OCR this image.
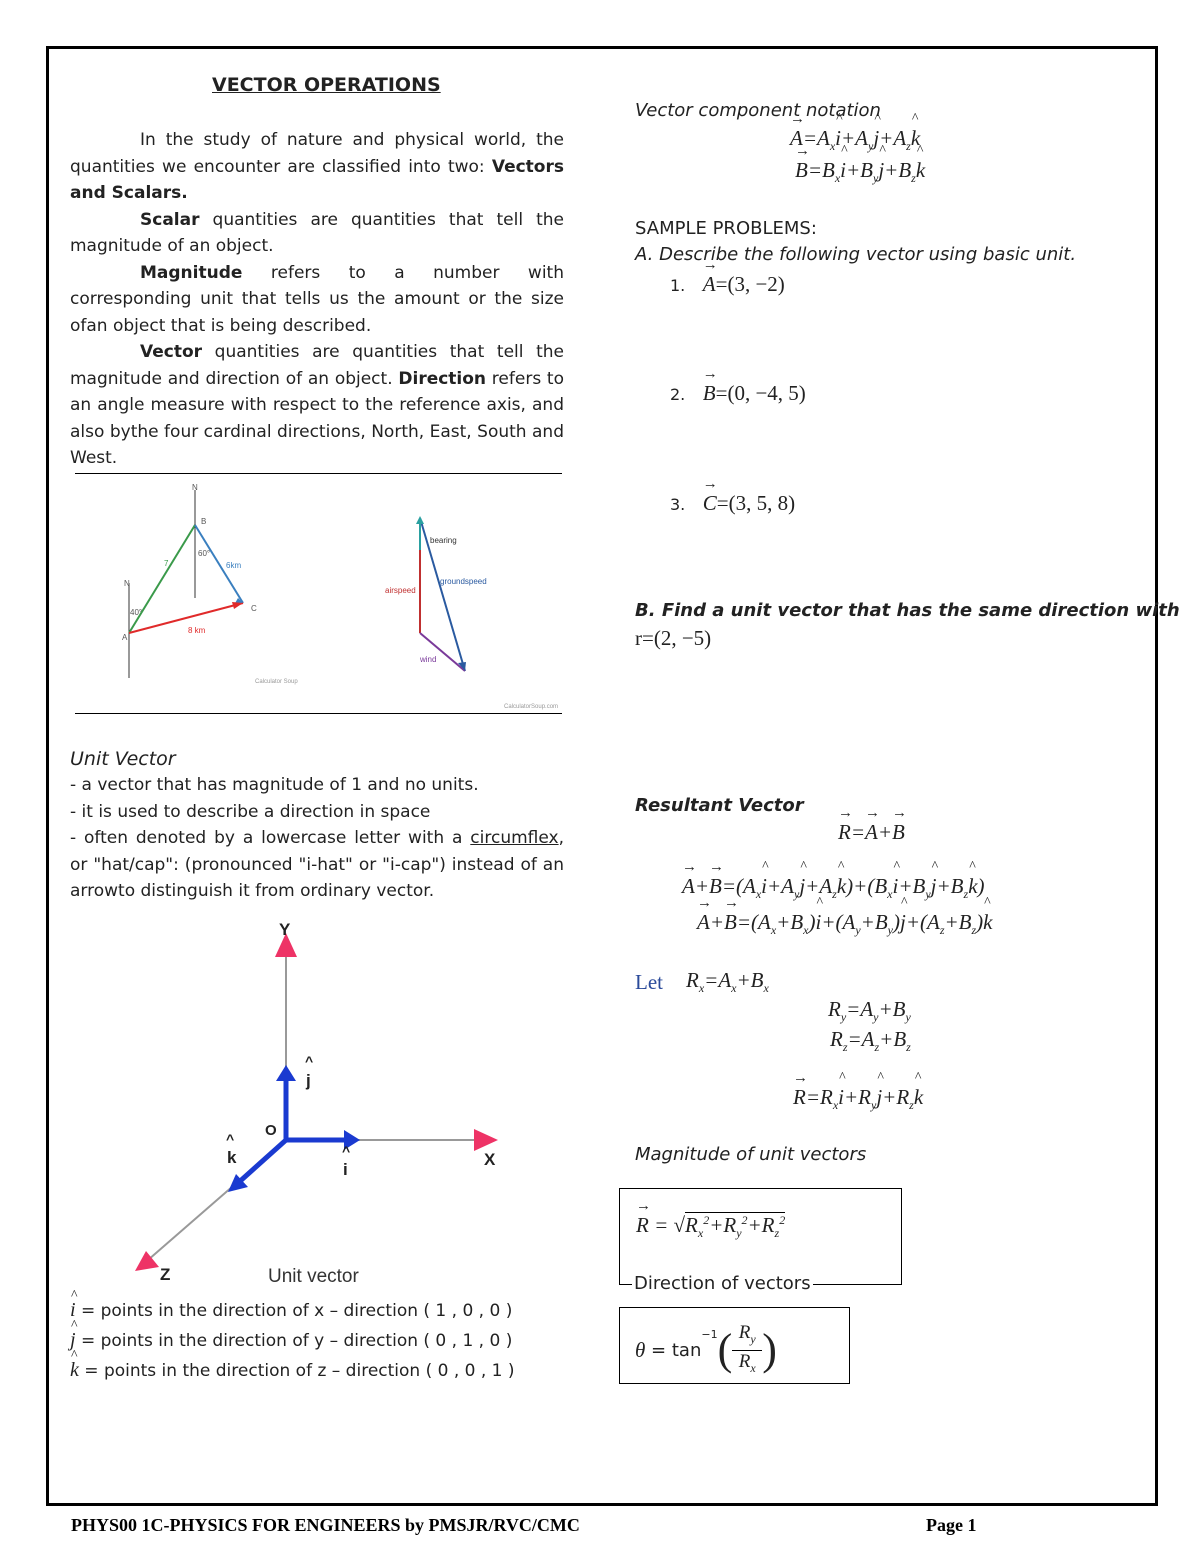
VECTOR OPERATIONS
In the study of nature and physical world, the quantities we encounter are classified into two: Vectors and Scalars.
Scalar quantities are quantities that tell the magnitude of an object.
Magnitude refers to a number with corresponding unit that tells us the amount or the size ofan object that is being described.
Vector quantities are quantities that tell the magnitude and direction of an object. Direction refers to an angle measure with respect to the reference axis, and also bythe four cardinal directions, North, East, South and West.
N
B
N
A
C
7	6km
8 km
40°
60°
Calculator Soup
bearing
groundspeed
airspeed
wind
CalculatorSoup.com
Unit Vector
- a vector that has magnitude of 1 and no units.
- it is used to describe a direction in space
- often denoted by a lowercase letter with a circumflex, or "hat/cap": (pronounced "i-hat" or "i-cap") instead of an arrowto distinguish it from ordinary vector.
Y
X
Z
O
j
^
i
^
k
^
Unit vector
i ^ = points in the direction of x – direction ( 1 , 0 , 0 )
j ^ = points in the direction of y – direction ( 0 , 1 , 0 )
k ^ = points in the direction of z – direction ( 0 , 0 , 1 )
Vector component notation
→ $A=A_xi$ $\^{}+A_yj$ $\^{}+A_zk$ ^
→ $B=B_xi$ $\^{}+B_yj$ $\^{}+B_zk$ ^
SAMPLE PROBLEMS:
A. Describe the following vector using basic unit.
1. → A=(3, −2)
2. → B=(0, −4, 5)
3. → C=(3, 5, 8)
B. Find a unit vector that has the same direction with
r=(2, −5)
Resultant Vector
→ R=→ A+→ B
→ $A+\to B=(A_xi$ $\^{}+A_yj$ $\^{}+A_zk$ $\^{})+(B_xi$ $\^{}+B_yj$ $\^{}+B_zk$ ^)
→ $A+\to B=(A_x+B_x)i$ $\^{}+(A_y+B_y)j$ $\^{}+(A_z+B_z)k$ ^
Let $R_x=A_x+B_x$
$R_y=A_y+B_y$
$R_z=A_z+B_z$
→ $R=R_xi$ $\^{}+R_yj$ $\^{}+R_zk$ ^
Magnitude of unit vectors
→ $R = √R_x^2+R_y^2+R_z^2$
Direction of vectors
θ = tan
$^{-1}$ ( $R_y$
$R_x$ )
PHYS00 1C-PHYSICS FOR ENGINEERS by PMSJR/RVC/CMC	Page 1
